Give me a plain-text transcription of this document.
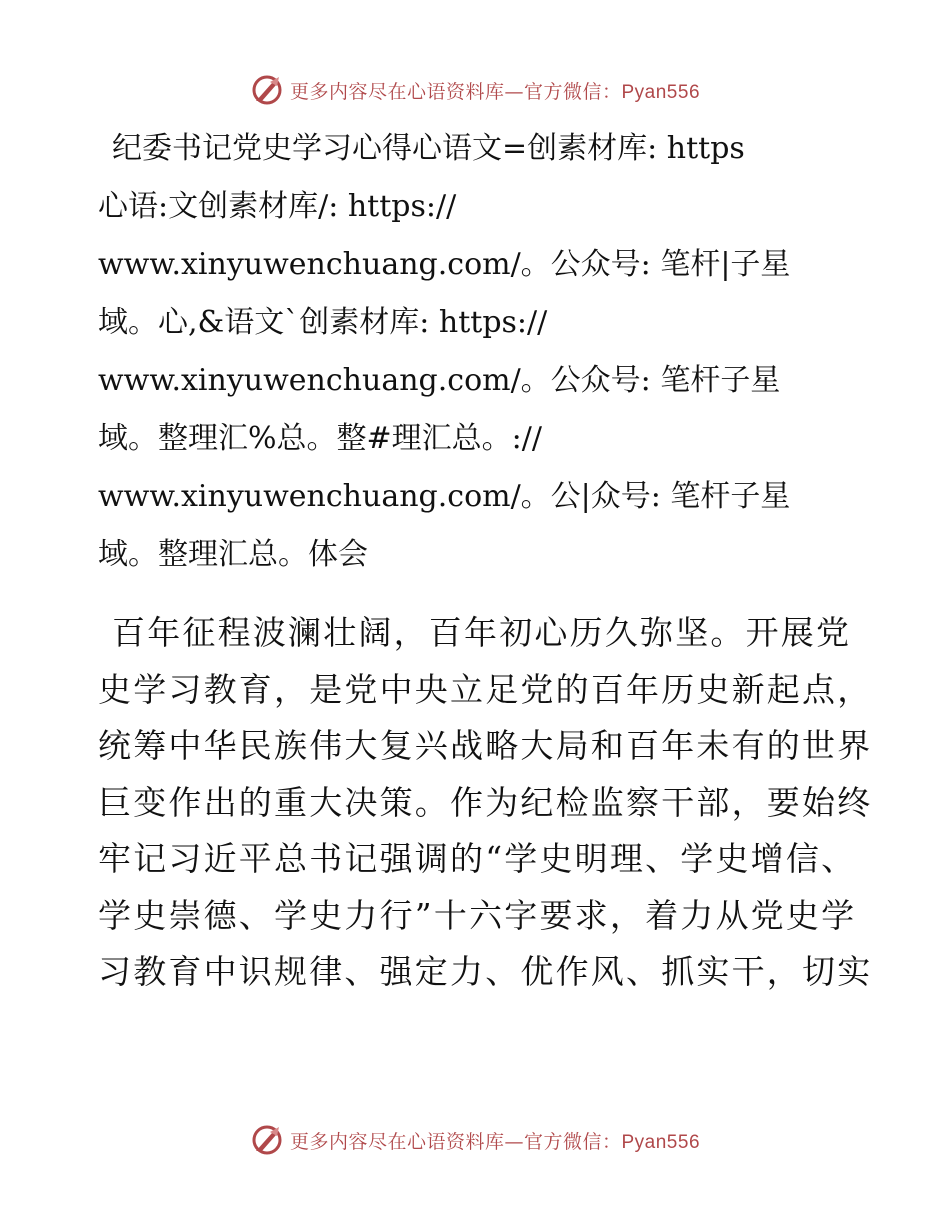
更多内容尽在心语资料库—官方微信：Pyan556
纪委书记党史学习心得心语文=创素材库: https
心语:文创素材库/: https://
www.xinyuwenchuang.com/。公众号: 笔杆|子星
域。心,&语文`创素材库: https://
www.xinyuwenchuang.com/。公众号: 笔杆子星
域。整理汇%总。整#理汇总。://
www.xinyuwenchuang.com/。公|众号: 笔杆子星
域。整理汇总。体会
百年征程波澜壮阔，百年初心历久弥坚。开展党
史学习教育，是党中央立足党的百年历史新起点，
统筹中华民族伟大复兴战略大局和百年未有的世界
巨变作出的重大决策。作为纪检监察干部，要始终
牢记习近平总书记强调的“学史明理、学史增信、
学史崇德、学史力行”十六字要求，着力从党史学
习教育中识规律、强定力、优作风、抓实干，切实
更多内容尽在心语资料库—官方微信：Pyan556
